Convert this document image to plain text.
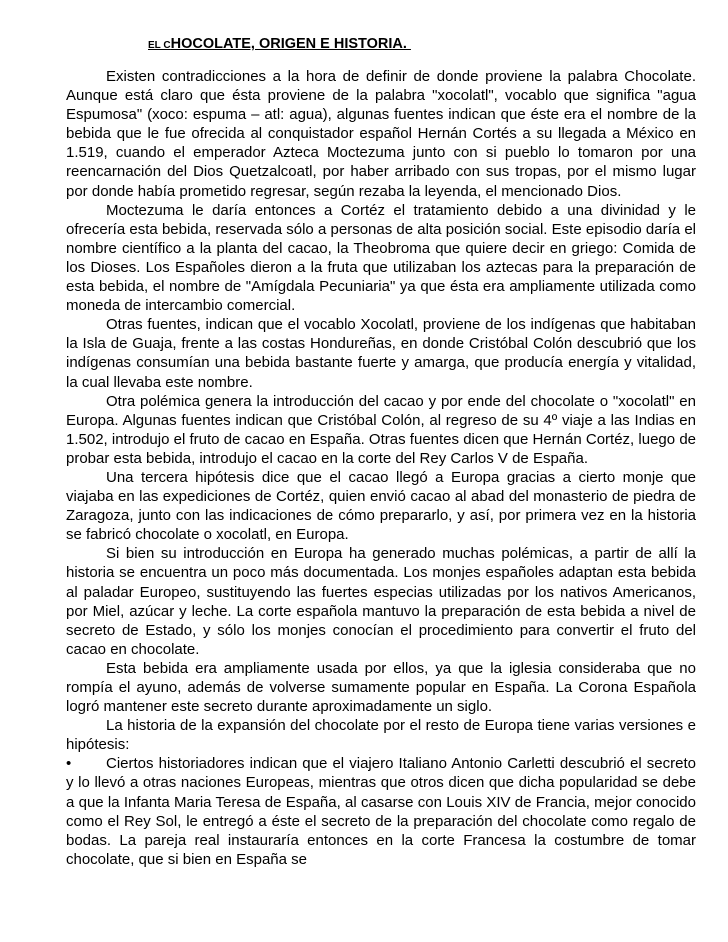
EL CHOCOLATE, ORIGEN E HISTORIA.

Existen contradicciones a la hora de definir de donde proviene la palabra Chocolate. Aunque está claro que ésta proviene de la palabra "xocolatl", vocablo que significa "agua Espumosa" (xoco: espuma – atl: agua), algunas fuentes indican que éste era el nombre de la bebida que le fue ofrecida al conquistador español Hernán Cortés a su llegada a México en 1.519, cuando el emperador Azteca Moctezuma junto con si pueblo lo tomaron por una reencarnación del Dios Quetzalcoatl, por haber arribado con sus tropas, por el mismo lugar por donde había prometido regresar, según rezaba la leyenda, el mencionado Dios.

Moctezuma le daría entonces a Cortéz el tratamiento debido a una divinidad y le ofrecería esta bebida, reservada sólo a personas de alta posición social. Este episodio daría el nombre científico a la planta del cacao, la Theobroma que quiere decir en griego: Comida de los Dioses. Los Españoles dieron a la fruta que utilizaban los aztecas para la preparación de esta bebida, el nombre de "Amígdala Pecuniaria" ya que ésta era ampliamente utilizada como moneda de intercambio comercial.

Otras fuentes, indican que el vocablo Xocolatl, proviene de los indígenas que habitaban la Isla de Guaja, frente a las costas Hondureñas, en donde Cristóbal Colón descubrió que los indígenas consumían una bebida bastante fuerte y amarga, que producía energía y vitalidad, la cual llevaba este nombre.

Otra polémica genera la introducción del cacao y por ende del chocolate o "xocolatl" en Europa. Algunas fuentes indican que Cristóbal Colón, al regreso de su 4º viaje a las Indias en 1.502, introdujo el fruto de cacao en España. Otras fuentes dicen que Hernán Cortéz, luego de probar esta bebida, introdujo el cacao en la corte del Rey Carlos V de España.

Una tercera hipótesis dice que el cacao llegó a Europa gracias a cierto monje que viajaba en las expediciones de Cortéz, quien envió cacao al abad del monasterio de piedra de Zaragoza, junto con las indicaciones de cómo prepararlo, y así, por primera vez en la historia se fabricó chocolate o xocolatl, en Europa.

Si bien su introducción en Europa ha generado muchas polémicas, a partir de allí la historia se encuentra un poco más documentada. Los monjes españoles adaptan esta bebida al paladar Europeo, sustituyendo las fuertes especias utilizadas por los nativos Americanos, por Miel, azúcar y leche. La corte española mantuvo la preparación de esta bebida a nivel de secreto de Estado, y sólo los monjes conocían el procedimiento para convertir el fruto del cacao en chocolate.

Esta bebida era ampliamente usada por ellos, ya que la iglesia consideraba que no rompía el ayuno, además de volverse sumamente popular en España. La Corona Española logró mantener este secreto durante aproximadamente un siglo.

La historia de la expansión del chocolate por el resto de Europa tiene varias versiones e hipótesis:

• Ciertos historiadores indican que el viajero Italiano Antonio Carletti descubrió el secreto y lo llevó a otras naciones Europeas, mientras que otros dicen que dicha popularidad se debe a que la Infanta Maria Teresa de España, al casarse con Louis XIV de Francia, mejor conocido como el Rey Sol, le entregó a éste el secreto de la preparación del chocolate como regalo de bodas. La pareja real instauraría entonces en la corte Francesa la costumbre de tomar chocolate, que si bien en España se
